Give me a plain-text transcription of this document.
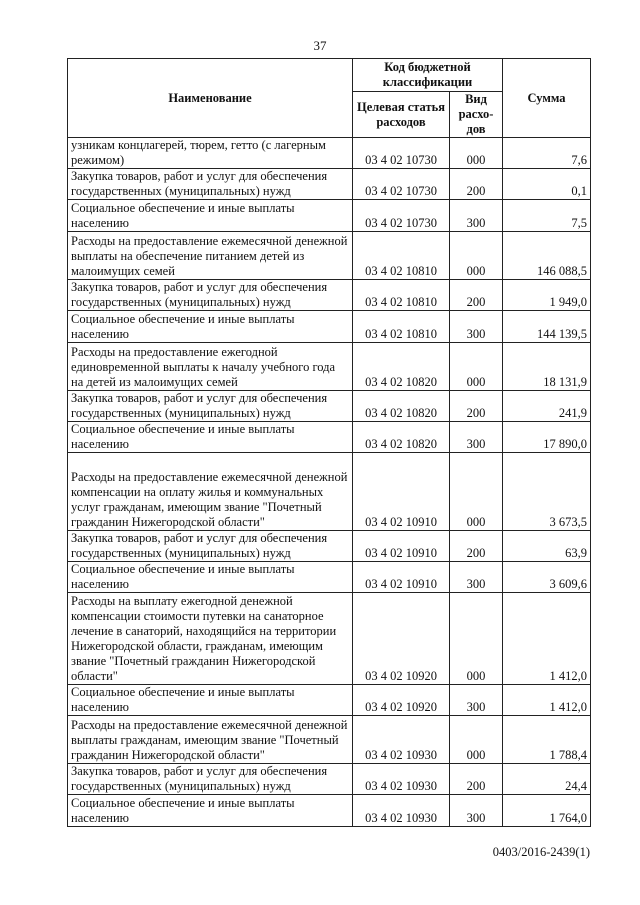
37
Наименование	Код бюджетной классификации		Сумма
	Целевая статья расходов	Вид расхо-дов	
узникам концлагерей, тюрем, гетто (с лагерным режимом)	03 4 02 10730	000	7,6
Закупка товаров, работ и услуг для обеспечения государственных (муниципальных) нужд	03 4 02 10730	200	0,1
Социальное обеспечение и иные выплаты населению	03 4 02 10730	300	7,5
Расходы на предоставление ежемесячной денежной выплаты на обеспечение питанием детей из малоимущих семей	03 4 02 10810	000	146 088,5
Закупка товаров, работ и услуг для обеспечения государственных (муниципальных) нужд	03 4 02 10810	200	1 949,0
Социальное обеспечение и иные выплаты населению	03 4 02 10810	300	144 139,5
Расходы на предоставление ежегодной единовременной выплаты к началу учебного года на детей из малоимущих семей	03 4 02 10820	000	18 131,9
Закупка товаров, работ и услуг для обеспечения государственных (муниципальных) нужд	03 4 02 10820	200	241,9
Социальное обеспечение и иные выплаты населению	03 4 02 10820	300	17 890,0
Расходы на предоставление ежемесячной денежной компенсации на оплату жилья и коммунальных услуг гражданам, имеющим звание "Почетный гражданин Нижегородской области"	03 4 02 10910	000	3 673,5
Закупка товаров, работ и услуг для обеспечения государственных (муниципальных) нужд	03 4 02 10910	200	63,9
Социальное обеспечение и иные выплаты населению	03 4 02 10910	300	3 609,6
Расходы на выплату ежегодной денежной компенсации стоимости путевки на санаторное лечение в санаторий, находящийся на территории Нижегородской области, гражданам, имеющим звание "Почетный гражданин Нижегородской области"	03 4 02 10920	000	1 412,0
Социальное обеспечение и иные выплаты населению	03 4 02 10920	300	1 412,0
Расходы на предоставление ежемесячной денежной выплаты гражданам, имеющим звание "Почетный гражданин Нижегородской области"	03 4 02 10930	000	1 788,4
Закупка товаров, работ и услуг для обеспечения государственных (муниципальных) нужд	03 4 02 10930	200	24,4
Социальное обеспечение и иные выплаты населению	03 4 02 10930	300	1 764,0
0403/2016-2439(1)
